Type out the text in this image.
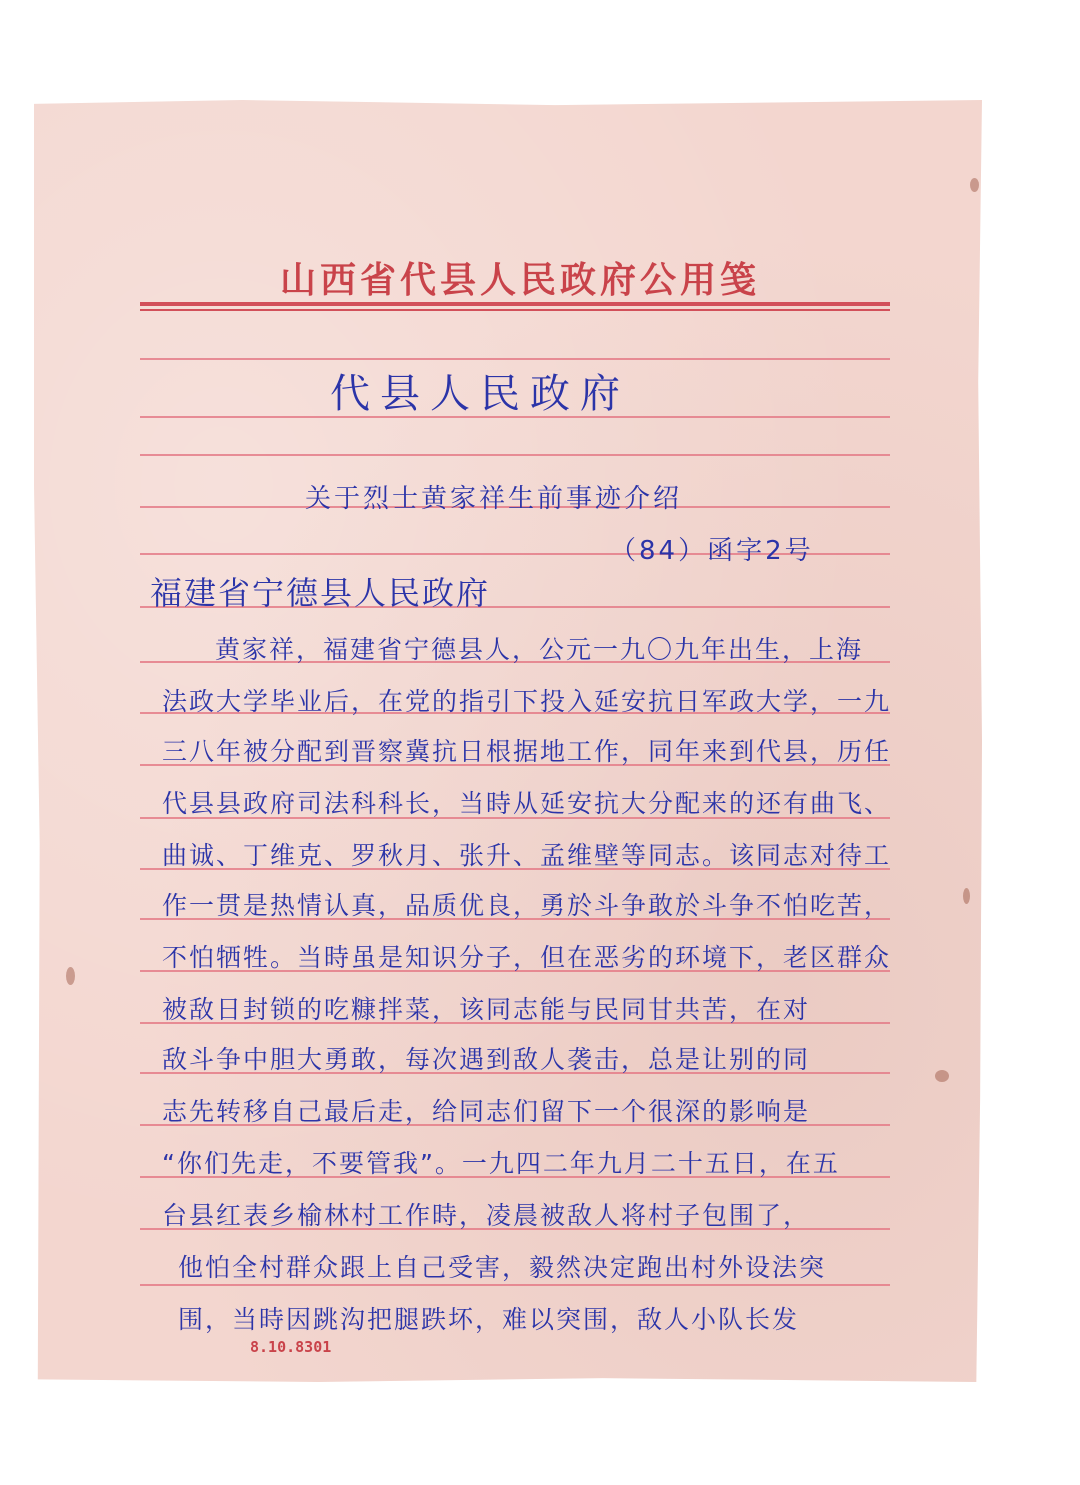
山西省代县人民政府公用笺
代县人民政府
关于烈士黄家祥生前事迹介绍
（84）函字2号
福建省宁德县人民政府
黄家祥，福建省宁德县人，公元一九〇九年出生，上海
法政大学毕业后，在党的指引下投入延安抗日军政大学，一九
三八年被分配到晋察冀抗日根据地工作，同年来到代县，历任
代县县政府司法科科长，当時从延安抗大分配来的还有曲飞、
曲诚、丁维克、罗秋月、张升、孟维壁等同志。该同志对待工
作一贯是热情认真，品质优良，勇於斗争敢於斗争不怕吃苦，
不怕牺牲。当時虽是知识分子，但在恶劣的环境下，老区群众
被敌日封锁的吃糠拌菜，该同志能与民同甘共苦，在对
敌斗争中胆大勇敢，每次遇到敌人袭击，总是让别的同
志先转移自己最后走，给同志们留下一个很深的影响是
“你们先走，不要管我”。一九四二年九月二十五日，在五
台县红表乡榆林村工作時，凌晨被敌人将村子包围了，
他怕全村群众跟上自己受害，毅然决定跑出村外设法突
围，当時因跳沟把腿跌坏，难以突围，敌人小队长发
8.10.8301
